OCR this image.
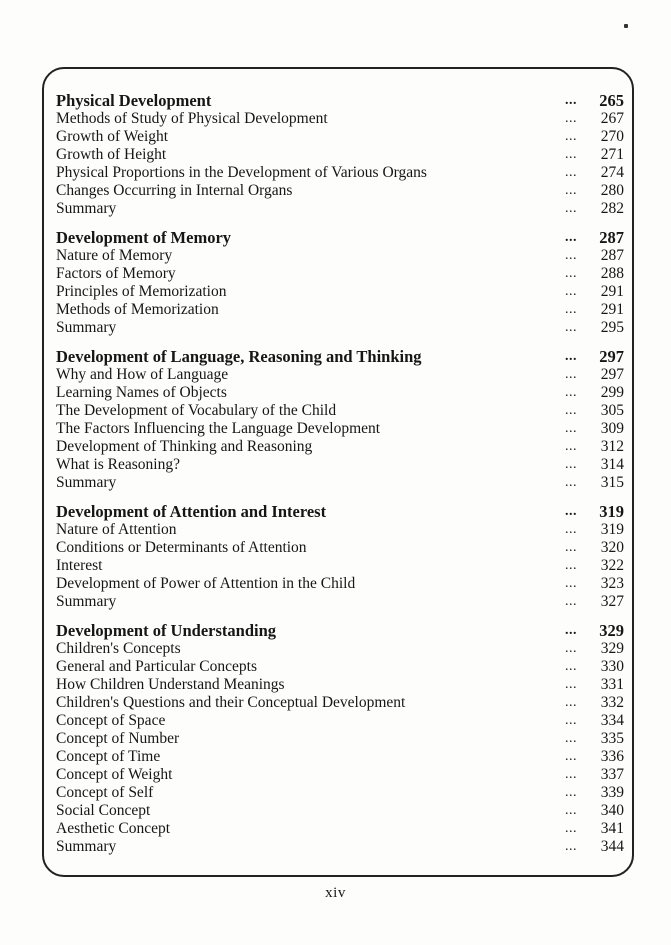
Physical Development	... 265
Methods of Study of Physical Development	... 267
Growth of Weight	... 270
Growth of Height	... 271
Physical Proportions in the Development of Various Organs	... 274
Changes Occurring in Internal Organs	... 280
Summary	... 282
Development of Memory	... 287
Nature of Memory	... 287
Factors of Memory	... 288
Principles of Memorization	... 291
Methods of Memorization	... 291
Summary	... 295
Development of Language, Reasoning and Thinking	... 297
Why and How of Language	... 297
Learning Names of Objects	... 299
The Development of Vocabulary of the Child	... 305
The Factors Influencing the Language Development	... 309
Development of Thinking and Reasoning	... 312
What is Reasoning?	... 314
Summary	... 315
Development of Attention and Interest	... 319
Nature of Attention	... 319
Conditions or Determinants of Attention	... 320
Interest	... 322
Development of Power of Attention in the Child	... 323
Summary	... 327
Development of Understanding	... 329
Children's Concepts	... 329
General and Particular Concepts	... 330
How Children Understand Meanings	... 331
Children's Questions and their Conceptual Development	... 332
Concept of Space	... 334
Concept of Number	... 335
Concept of Time	... 336
Concept of Weight	... 337
Concept of Self	... 339
Social Concept	... 340
Aesthetic Concept	... 341
Summary	... 344
xiv
